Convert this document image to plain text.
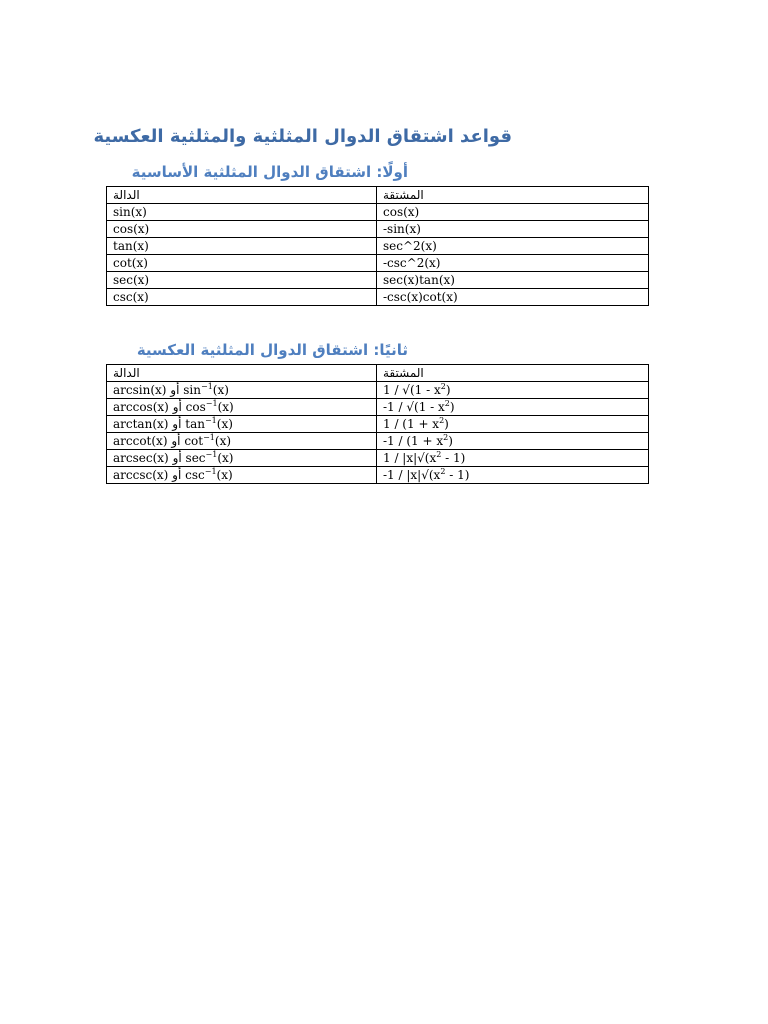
قواعد اشتقاق الدوال المثلثية والمثلثية العكسية
أولًا: اشتقاق الدوال المثلثية الأساسية
الدالة	المشتقة
sin(x)	cos(x)
cos(x)	-sin(x)
tan(x)	sec^2(x)
cot(x)	-csc^2(x)
sec(x)	sec(x)tan(x)
csc(x)	-csc(x)cot(x)
ثانيًا: اشتقاق الدوال المثلثية العكسية
الدالة	المشتقة
arcsin(x) أو $\sin^{-1}(x)$	$1 / √(1 - x^2)$
arccos(x) أو $\cos^{-1}(x)$	$-1 / √(1 - x^2)$
arctan(x) أو $\tan^{-1}(x)$	$1 / (1 + x^2)$
arccot(x) أو $\cot^{-1}(x)$	$-1 / (1 + x^2)$
arcsec(x) أو $\sec^{-1}(x)$	$1 / |x|√(x^2 - 1)$
arccsc(x) أو $\csc^{-1}(x)$	$-1 / |x|√(x^2 - 1)$
